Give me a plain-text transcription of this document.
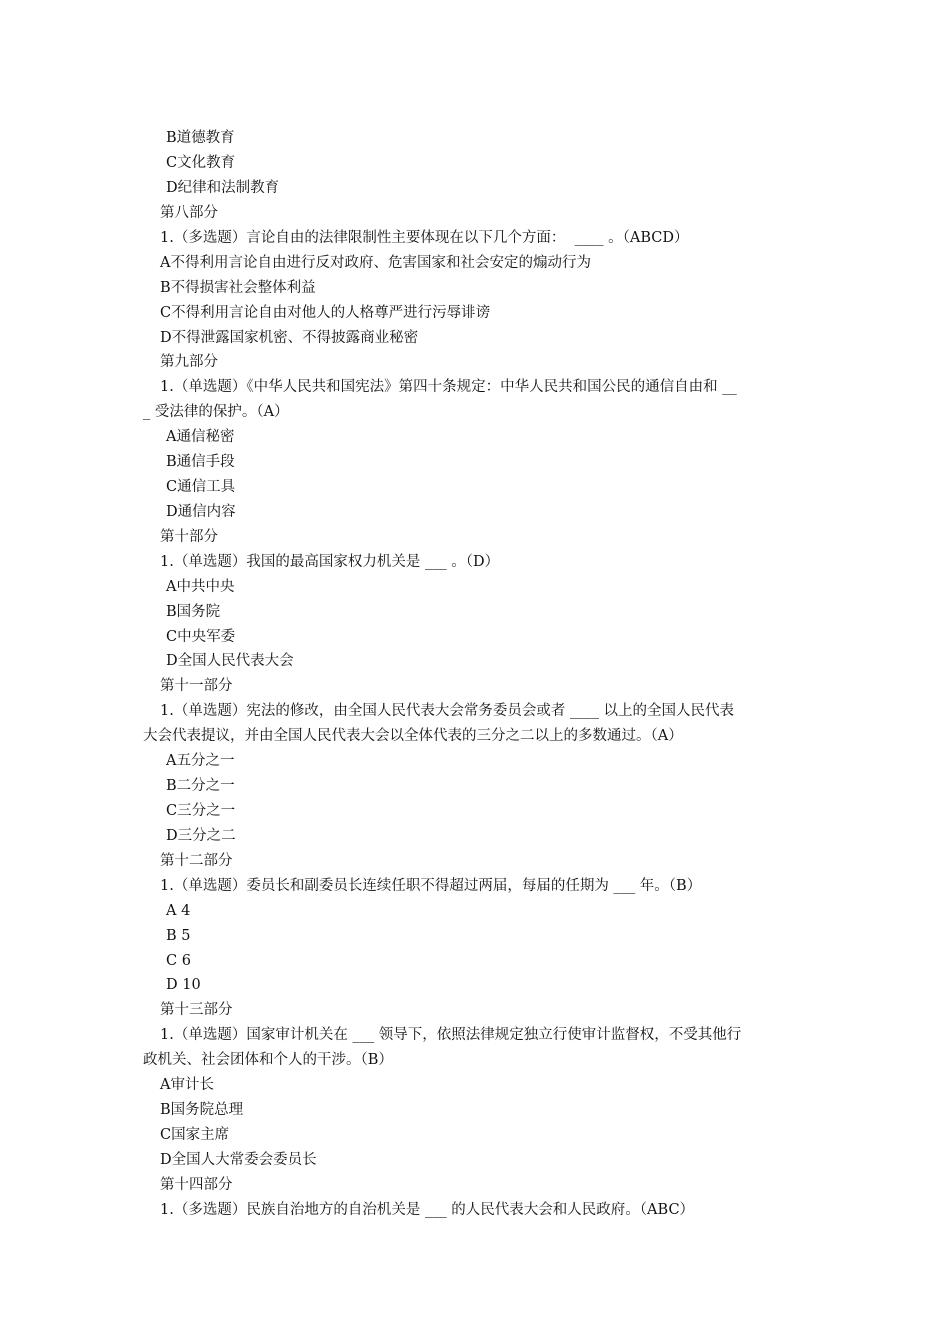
B道德教育
C文化教育
D纪律和法制教育
第八部分
1.（多选题）言论自由的法律限制性主要体现在以下几个方面：  ____ 。（ABCD）
A不得利用言论自由进行反对政府、危害国家和社会安定的煽动行为
B不得损害社会整体利益
C不得利用言论自由对他人的人格尊严进行污辱诽谤
D不得泄露国家机密、不得披露商业秘密
第九部分
1.（单选题）《中华人民共和国宪法》第四十条规定：中华人民共和国公民的通信自由和 __
_ 受法律的保护。（A）
A通信秘密
B通信手段
C通信工具
D通信内容
第十部分
1.（单选题）我国的最高国家权力机关是 ___ 。（D）
A中共中央
B国务院
C中央军委
D全国人民代表大会
第十一部分
1.（单选题）宪法的修改，由全国人民代表大会常务委员会或者 ____ 以上的全国人民代表
大会代表提议，并由全国人民代表大会以全体代表的三分之二以上的多数通过。（A）
A五分之一
B二分之一
C三分之一
D三分之二
第十二部分
1.（单选题）委员长和副委员长连续任职不得超过两届，每届的任期为 ___ 年。（B）
A 4
B 5
C 6
D 10
第十三部分
1.（单选题）国家审计机关在 ___ 领导下，依照法律规定独立行使审计监督权，不受其他行
政机关、社会团体和个人的干涉。（B）
A审计长
B国务院总理
C国家主席
D全国人大常委会委员长
第十四部分
1.（多选题）民族自治地方的自治机关是 ___ 的人民代表大会和人民政府。（ABC）
